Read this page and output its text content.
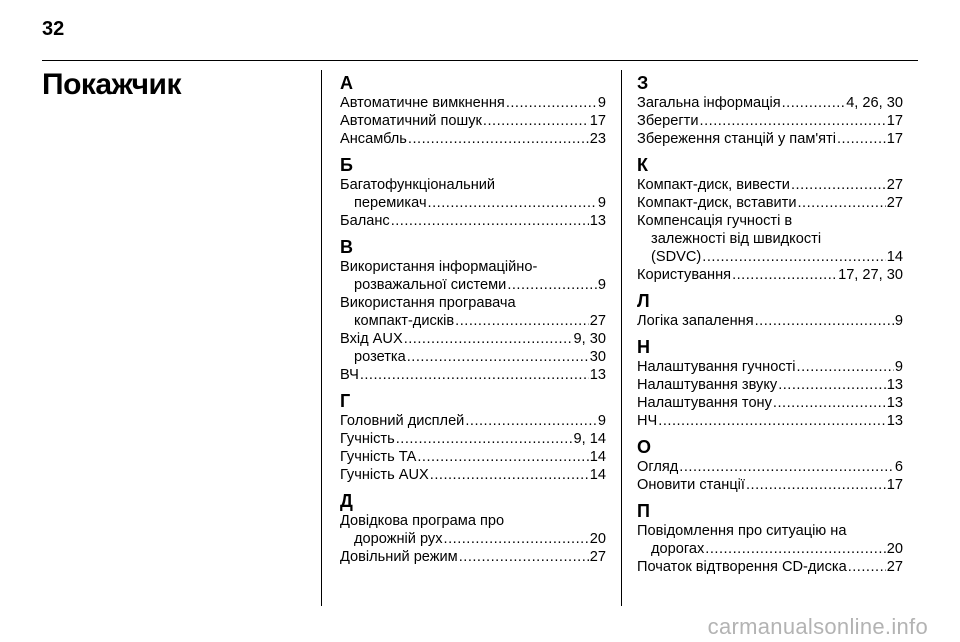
32
Покажчик	А
Автоматичне вимкнення .....	9
Автоматичний пошук .....	17
Ансамбль .....	23
Б
Багатофункціональний
перемикач .....	9
Баланс .....	13
В
Використання інформаційно-
розважальної системи .....	9
Використання програвача
компакт-дисків .....	27
Вхід AUX .....	9, 30
розетка .....	30
ВЧ .....	13
Г
Головний дисплей .....	9
Гучність .....	9, 14
Гучність TA .....	14
Гучність AUX .....	14
Д
Довідкова програма про
дорожній рух .....	20
Довільний режим .....	27
З
Загальна інформація .....	4, 26, 30
Зберегти .....	17
Збереження станцій у пам'яті .....	17
К
Компакт-диск, вивести .....	27
Компакт-диск, вставити .....	27
Компенсація гучності в
залежності від швидкості
(SDVC) .....	14
Користування .....	17, 27, 30
Л
Логіка запалення .....	9
Н
Налаштування гучності .....	9
Налаштування звуку .....	13
Налаштування тону .....	13
НЧ .....	13
О
Огляд .....	6
Оновити станції .....	17
П
Повідомлення про ситуацію на
дорогах .....	20
Початок відтворення CD-диска .....	27
carmanualsonline.info
